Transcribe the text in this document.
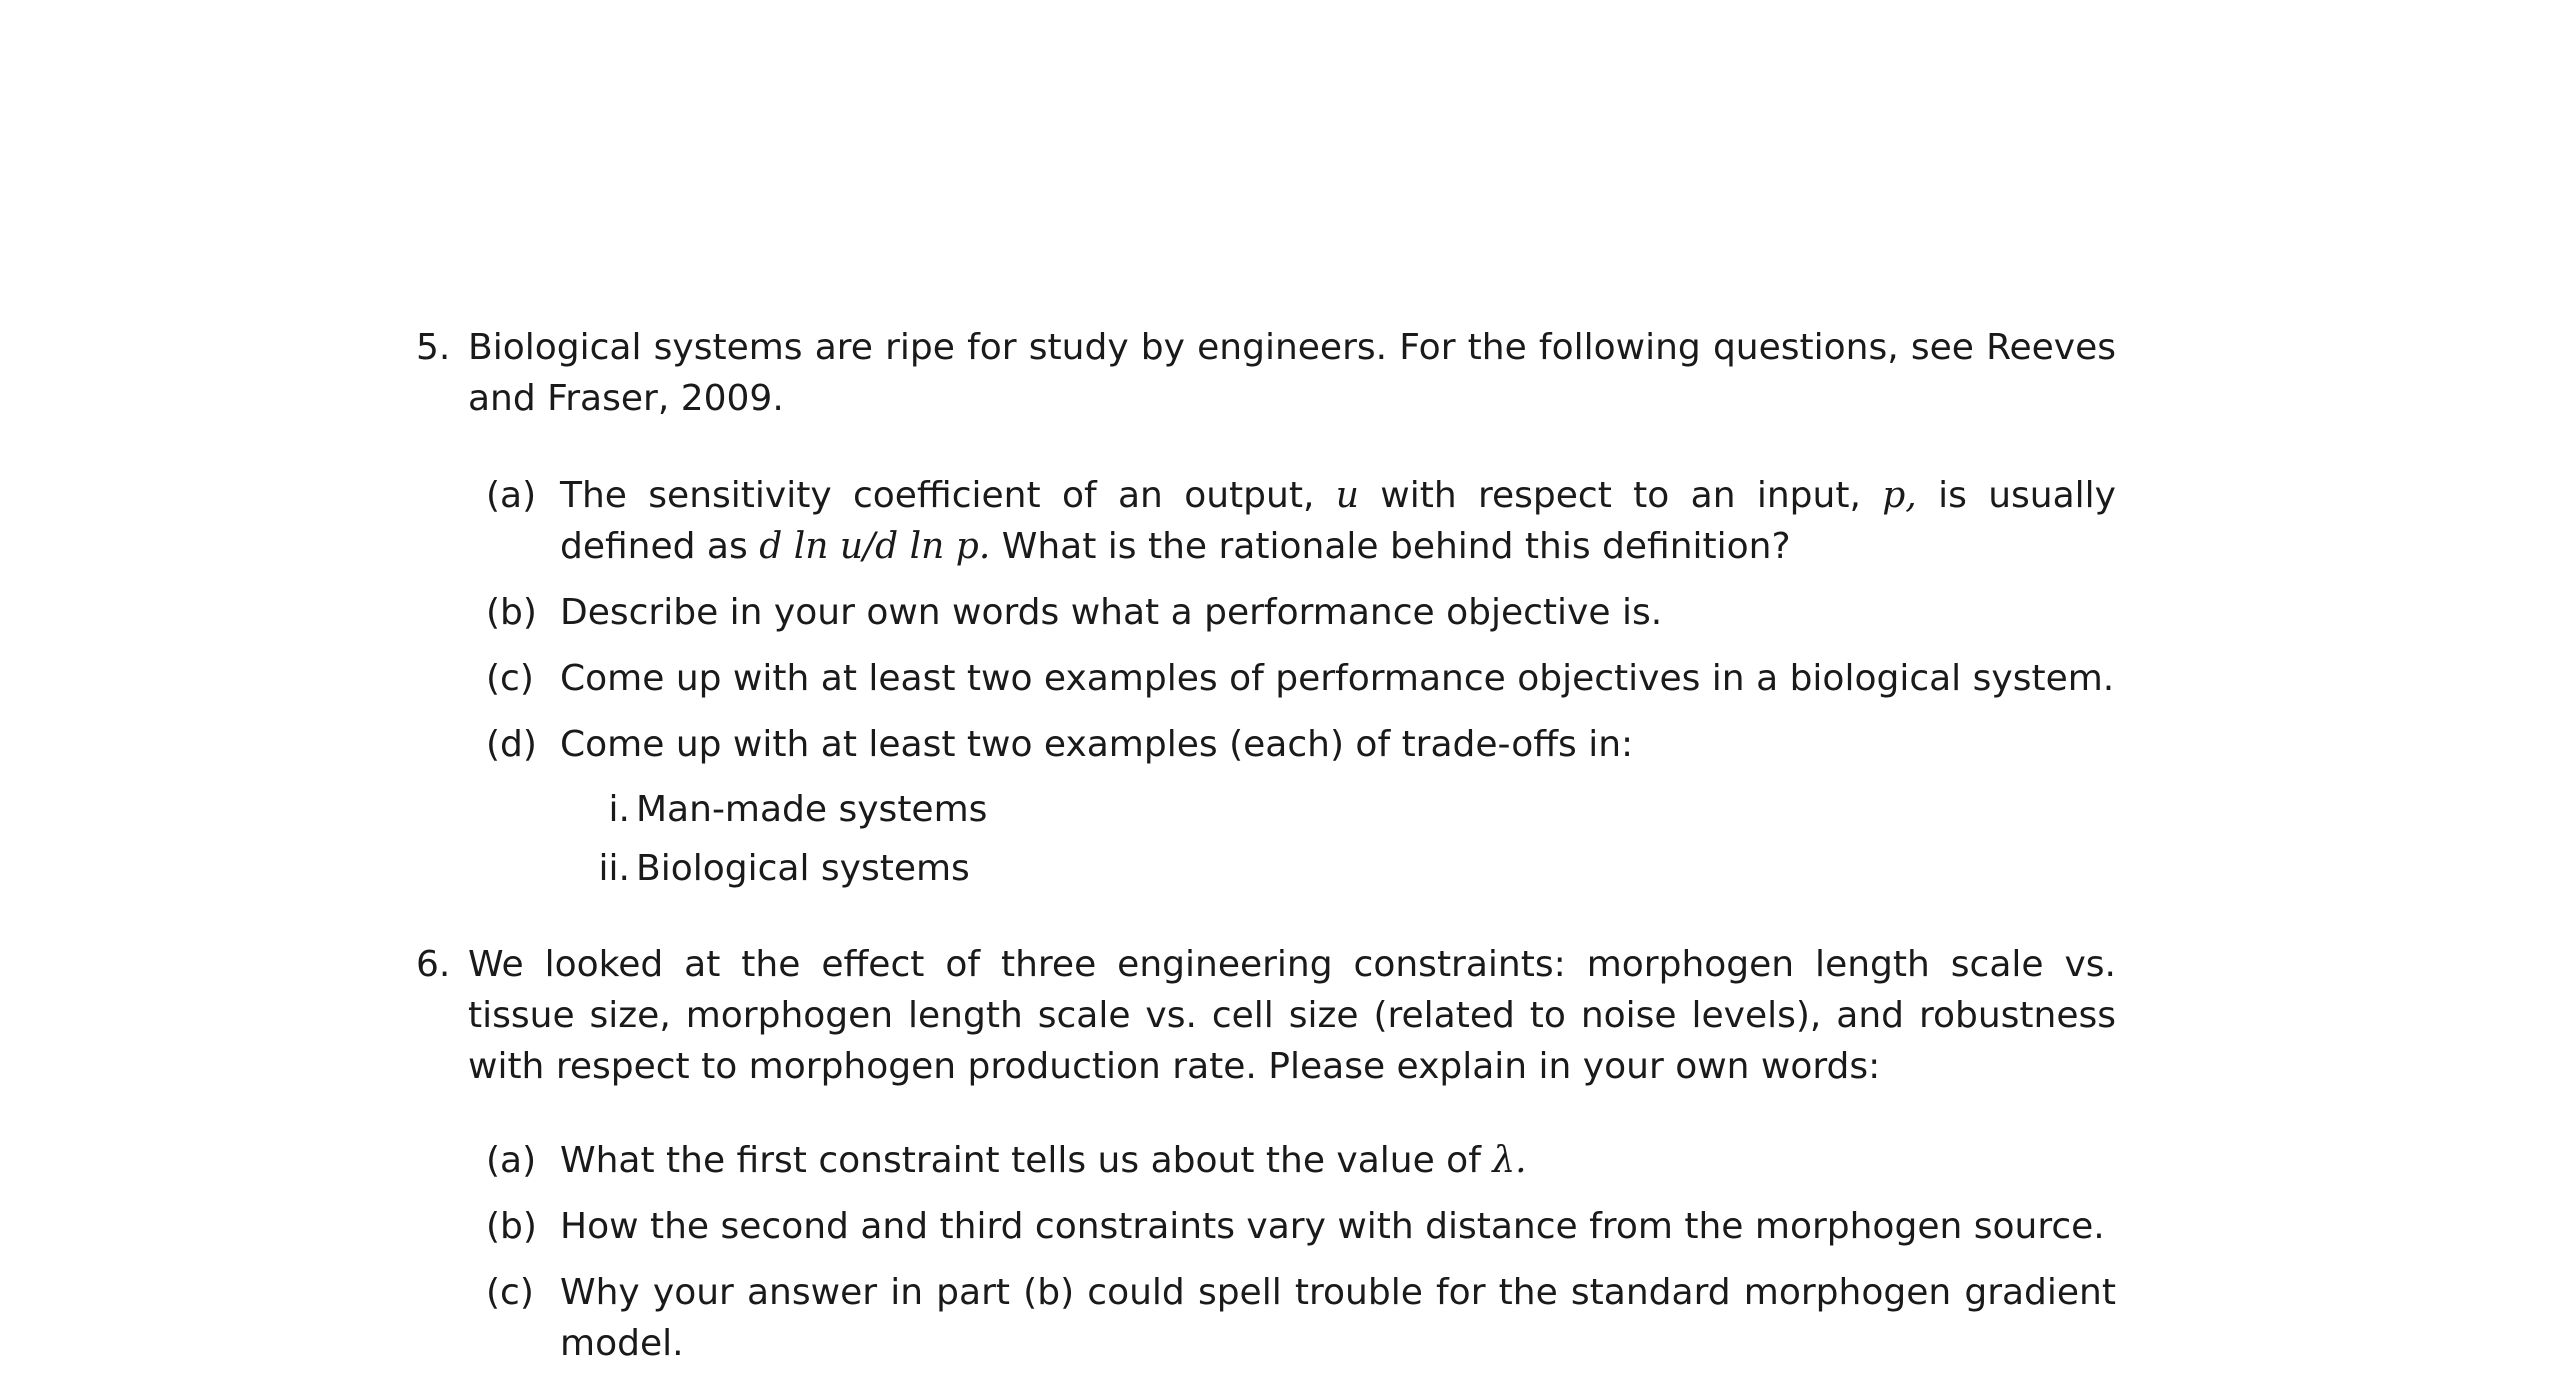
5. Biological systems are ripe for study by engineers. For the following questions, see Reeves and Fraser, 2009.
(a) The sensitivity coefficient of an output, u with respect to an input, p, is usually defined as d ln u/d ln p. What is the rationale behind this definition?
(b) Describe in your own words what a performance objective is.
(c) Come up with at least two examples of performance objectives in a biological system.
(d) Come up with at least two examples (each) of trade-offs in:
i. Man-made systems
ii. Biological systems
6. We looked at the effect of three engineering constraints: morphogen length scale vs. tissue size, morphogen length scale vs. cell size (related to noise levels), and robustness with respect to morphogen production rate. Please explain in your own words:
(a) What the first constraint tells us about the value of λ.
(b) How the second and third constraints vary with distance from the morphogen source.
(c) Why your answer in part (b) could spell trouble for the standard morphogen gradient model.
